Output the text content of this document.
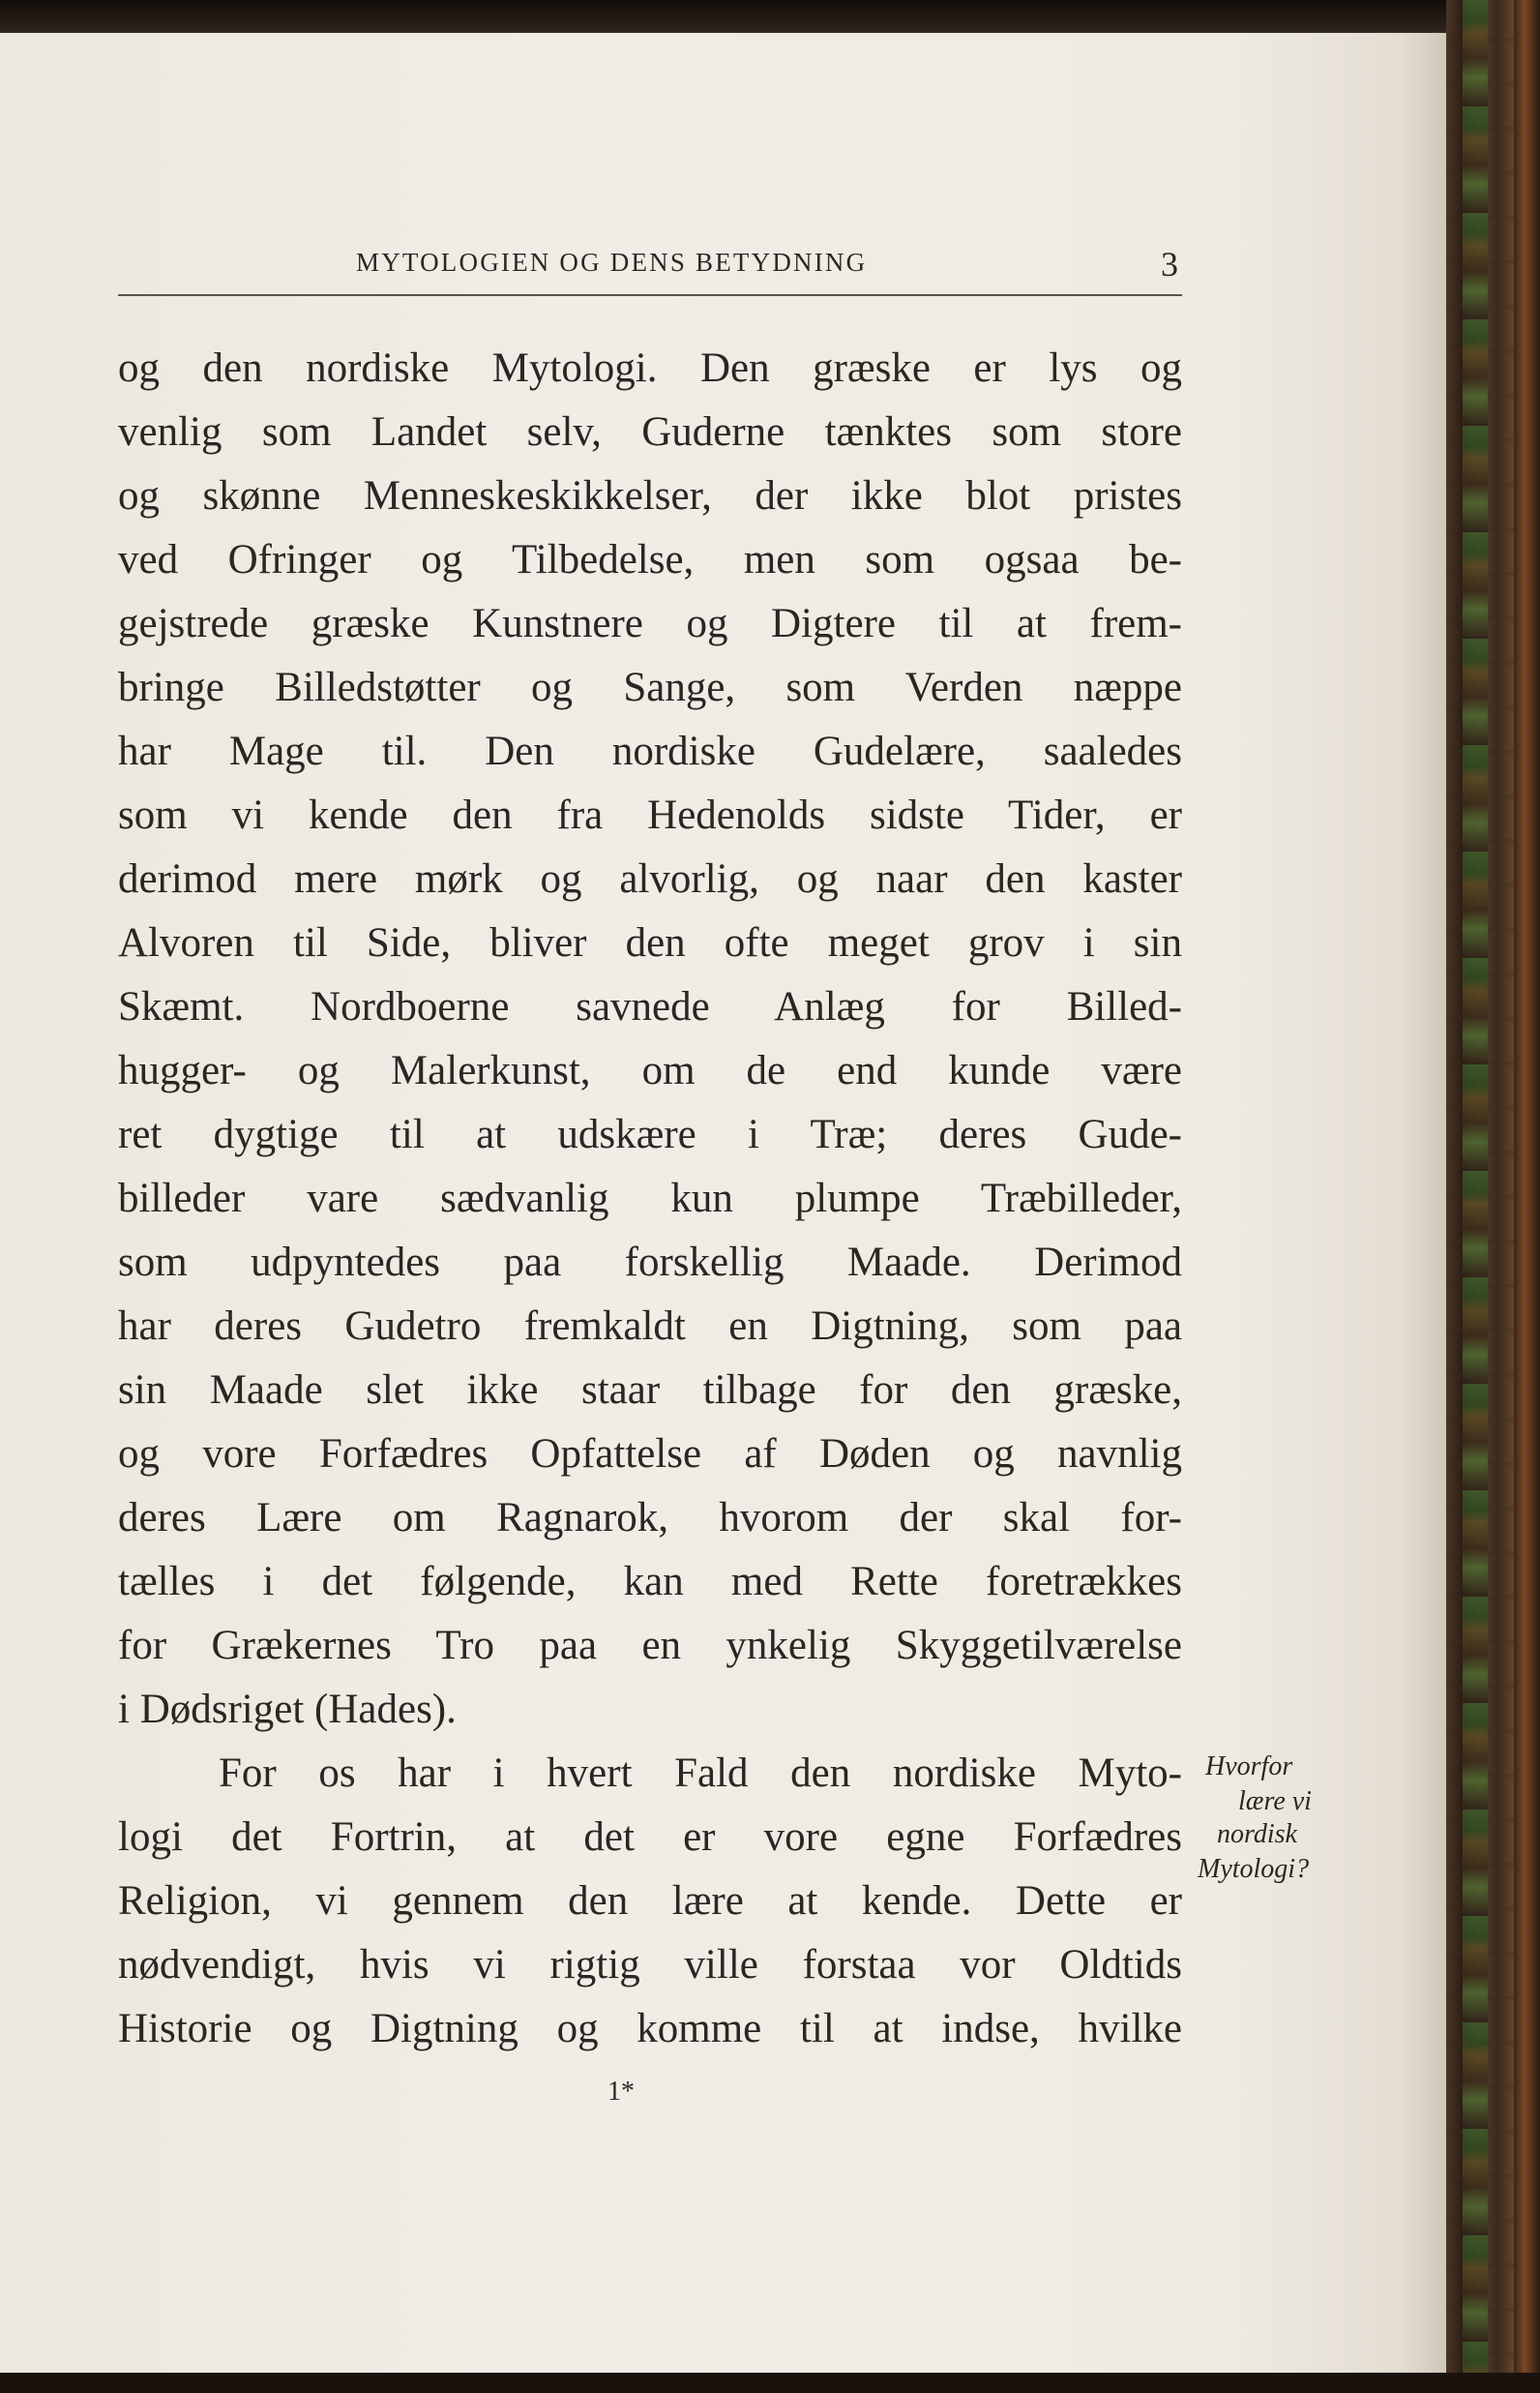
MYTOLOGIEN OG DENS BETYDNING	3
og den nordiske Mytologi. Den græske er lys og
venlig som Landet selv, Guderne tænktes som store
og skønne Menneskeskikkelser, der ikke blot pristes
ved Ofringer og Tilbedelse, men som ogsaa be-
gejstrede græske Kunstnere og Digtere til at frem-
bringe Billedstøtter og Sange, som Verden næppe
har Mage til. Den nordiske Gudelære, saaledes
som vi kende den fra Hedenolds sidste Tider, er
derimod mere mørk og alvorlig, og naar den kaster
Alvoren til Side, bliver den ofte meget grov i sin
Skæmt. Nordboerne savnede Anlæg for Billed-
hugger- og Malerkunst, om de end kunde være
ret dygtige til at udskære i Træ; deres Gude-
billeder vare sædvanlig kun plumpe Træbilleder,
som udpyntedes paa forskellig Maade. Derimod
har deres Gudetro fremkaldt en Digtning, som paa
sin Maade slet ikke staar tilbage for den græske,
og vore Forfædres Opfattelse af Døden og navnlig
deres Lære om Ragnarok, hvorom der skal for-
tælles i det følgende, kan med Rette foretrækkes
for Grækernes Tro paa en ynkelig Skyggetilværelse
i Dødsriget (Hades).
For os har i hvert Fald den nordiske Myto-
logi det Fortrin, at det er vore egne Forfædres
Religion, vi gennem den lære at kende. Dette er
nødvendigt, hvis vi rigtig ville forstaa vor Oldtids
Historie og Digtning og komme til at indse, hvilke
Hvorfor
lære vi
nordisk
Mytologi?
1*
